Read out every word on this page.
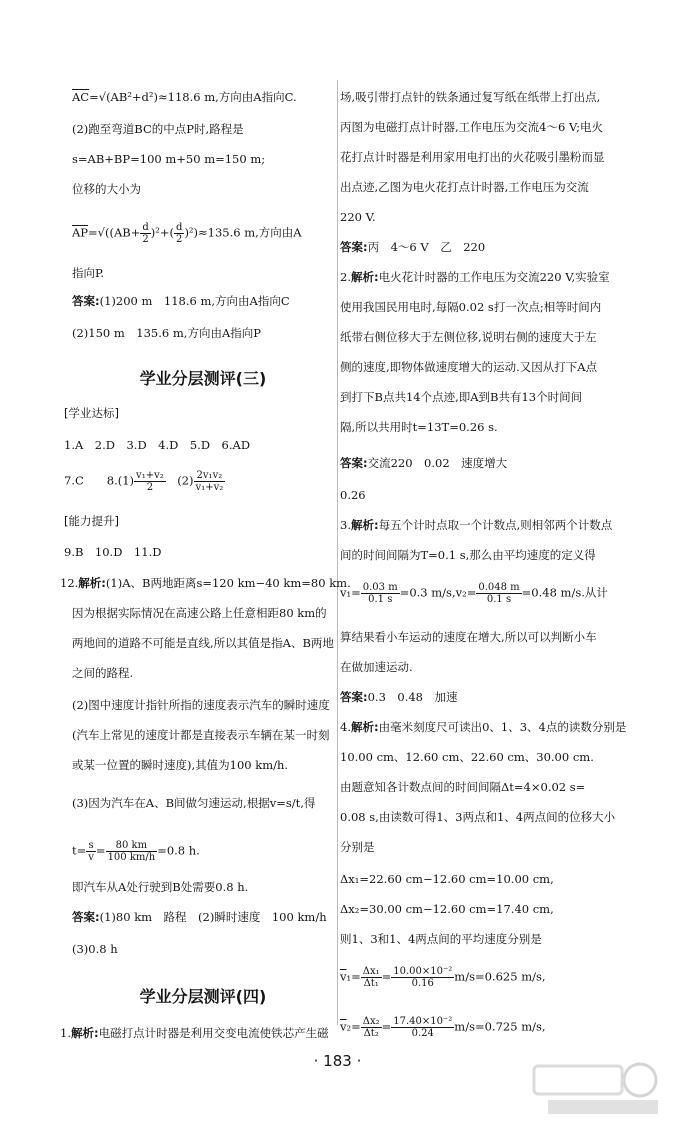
$\overline{AC}=√(AB^2+d^2)\approx 118.6$ m,方向由A指向C.
(2)跑至弯道BC的中点P时,路程是
s=AB+BP=100 m+50 m=150 m;
位移的大小为
$\overline{AP}=√((AB+ \frac{d}{2} )^2+( \frac{d}{2} )^2)\approx 135.6$ m,方向由A
指向P.
答案:(1)200 m　118.6 m,方向由A指向C
(2)150 m　135.6 m,方向由A指向P
学业分层测评(三)
[学业达标]
1.A　2.D　3.D　4.D　5.D　6.AD
7.C　　$8.(1) \frac{\text{v₁+v₂}}{2}$
　 $(2) \frac{\text{2v₁v₂}}{\text{v₁+v₂}}$
[能力提升]
9.B　10.D　11.D
12.解析:(1)A、B两地距离s=120 km−40 km=80 km.
因为根据实际情况在高速公路上任意相距80 km的
两地间的道路不可能是直线,所以其值是指A、B两地
之间的路程.
(2)图中速度计指针所指的速度表示汽车的瞬时速度
(汽车上常见的速度计都是直接表示车辆在某一时刻
或某一位置的瞬时速度),其值为100 km/h.
(3)因为汽车在A、B间做匀速运动,根据v=s/t,得
$t= \frac{s}{v} = \frac{80 km}{100 km/h} =0.8$ h.
即汽车从A处行驶到B处需要0.8 h.
答案:(1)80 km　路程　(2)瞬时速度　100 km/h
(3)0.8 h
学业分层测评(四)
1.解析:电磁打点计时器是利用交变电流使铁芯产生磁
场,吸引带打点针的铁条通过复写纸在纸带上打出点,
丙图为电磁打点计时器,工作电压为交流4～6 V;电火
花打点计时器是利用家用电打出的火花吸引墨粉而显
出点迹,乙图为电火花打点计时器,工作电压为交流
220 V.
答案:丙　4～6 V　乙　220
2.解析:电火花计时器的工作电压为交流220 V,实验室
使用我国民用电时,每隔0.02 s打一次点;相等时间内
纸带右侧位移大于左侧位移,说明右侧的速度大于左
侧的速度,即物体做速度增大的运动.又因从打下A点
到打下B点共14个点迹,即A到B共有13个时间间
隔,所以共用时t=13T=0.26 s.
答案:交流220　0.02　速度增大
0.26
3.解析:每五个计时点取一个计数点,则相邻两个计数点
间的时间间隔为T=0.1 s,那么由平均速度的定义得
$v_1= \frac{0.03 m}{0.1 s} =0.3$ $m/s,v_2= \frac{0.048 m}{0.1 s} =0.48$ m/s.从计
算结果看小车运动的速度在增大,所以可以判断小车
在做加速运动.
答案:0.3　0.48　加速
4.解析:由毫米刻度尺可读出0、1、3、4点的读数分别是
10.00 cm、12.60 cm、22.60 cm、30.00 cm.
由题意知各计数点间的时间间隔Δt=4×0.02 s=
0.08 s,由读数可得1、3两点和1、4两点间的位移大小
分别是
Δx₁=22.60 cm−12.60 cm=10.00 cm,
Δx₂=30.00 cm−12.60 cm=17.40 cm,
则1、3和1、4两点间的平均速度分别是
$\overline{v}_1= \frac{\text{Δx₁}}{\text{Δt₁}} = \frac{\text{10.00×10⁻²}}{0.16} m/s=0.625$ m/s,
$\overline{v}_2= \frac{\text{Δx₂}}{\text{Δt₂}} = \frac{\text{17.40×10⁻²}}{0.24} m/s=0.725$ m/s,
· 183 ·
